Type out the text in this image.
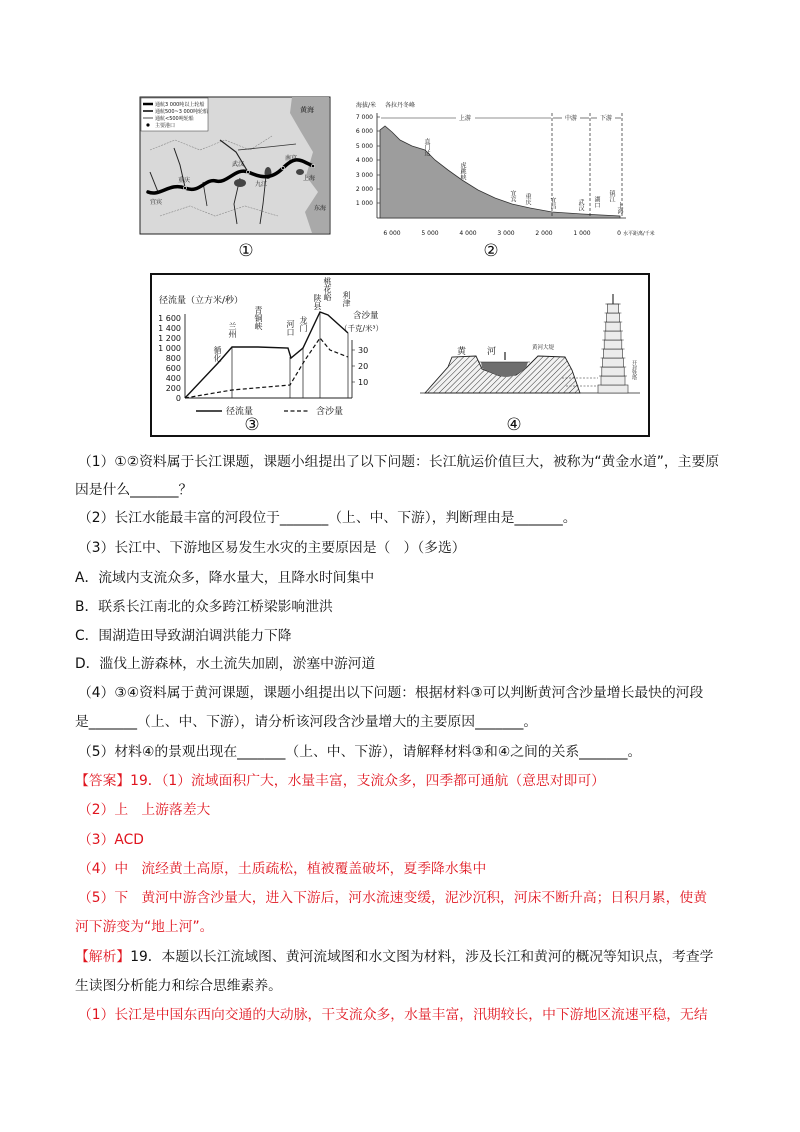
通航3 000吨以上轮船
通航500~3 000吨轮船
通航<500吨轮船
主要港口
黄海
东海
宜宾
重庆
武汉
九江
南京
上海
①
海拔/米 各拉丹冬峰
7 000
6 000
5 000
4 000
3 000
2 000
1 000
6 000	5 000	4 000	3 000	2 000	1 000	0 水平距离/千米
上游	中游	下游
②
径流量（立方米/秒）
含沙量
（千克/米³）
1 600
1 400
1 200
1 000
800
600
400
200
0
30
20
10
径流量	含沙量
③
黄 河	黄河大堤
④
直门达
虎跳峡
宜宾 重庆	宜昌	武汉 湖口 镇江
上海
循化
兰州 青铜峡	河口 龙门
陕县
桃花峪 利津
开封铁塔
（1）①②资料属于长江课题，课题小组提出了以下问题：长江航运价值巨大，被称为“黄金水道”，主要原
因是什么_______？
（2）长江水能最丰富的河段位于_______（上、中、下游），判断理由是_______。
（3）长江中、下游地区易发生水灾的主要原因是（   ）（多选）
A．流域内支流众多，降水量大，且降水时间集中
B．联系长江南北的众多跨江桥梁影响泄洪
C．围湖造田导致湖泊调洪能力下降
D．滥伐上游森林，水土流失加剧，淤塞中游河道
（4）③④资料属于黄河课题，课题小组提出以下问题：根据材料③可以判断黄河含沙量增长最快的河段
是_______（上、中、下游），请分析该河段含沙量增大的主要原因_______。
（5）材料④的景观出现在_______（上、中、下游），请解释材料③和④之间的关系_______。
【答案】19．（1）流域面积广大，水量丰富，支流众多，四季都可通航（意思对即可）
（2）上   上游落差大
（3）ACD
（4）中   流经黄土高原，土质疏松，植被覆盖破坏，夏季降水集中
（5）下   黄河中游含沙量大，进入下游后，河水流速变缓，泥沙沉积，河床不断升高；日积月累，使黄
河下游变为“地上河”。
【解析】19．本题以长江流域图、黄河流域图和水文图为材料，涉及长江和黄河的概况等知识点，考查学
生读图分析能力和综合思维素养。
（1）长江是中国东西向交通的大动脉，干支流众多，水量丰富，汛期较长，中下游地区流速平稳，无结
